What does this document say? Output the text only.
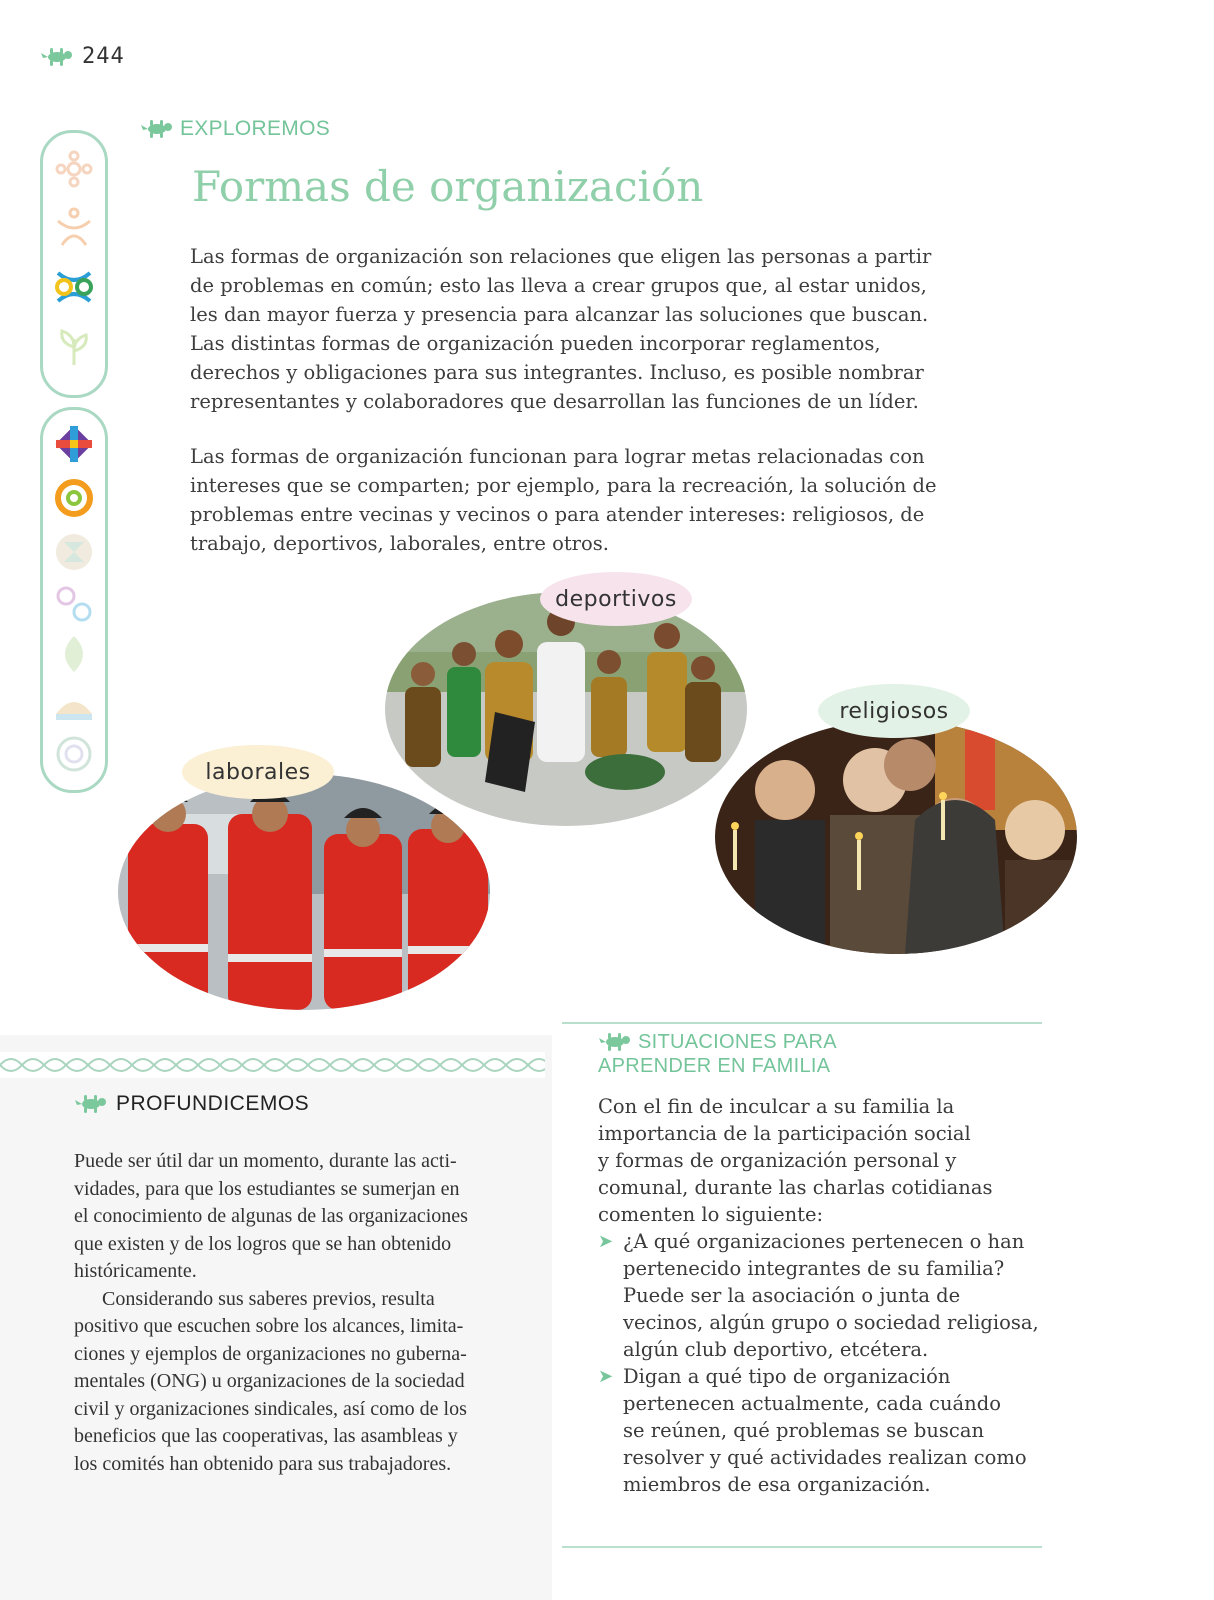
244
EXPLOREMOS
Formas de organización

Las formas de organización son relaciones que eligen las personas a partir

de problemas en común; esto las lleva a crear grupos que, al estar unidos,

les dan mayor fuerza y presencia para alcanzar las soluciones que buscan.

Las distintas formas de organización pueden incorporar reglamentos,

derechos y obligaciones para sus integrantes. Incluso, es posible nombrar

representantes y colaboradores que desarrollan las funciones de un líder.

Las formas de organización funcionan para lograr metas relacionadas con

intereses que se comparten; por ejemplo, para la recreación, la solución de

problemas entre vecinas y vecinos o para atender intereses: religiosos, de

trabajo, deportivos, laborales, entre otros.

deportivos
religiosos
laborales
PROFUNDICEMOS

Puede ser útil dar un momento, durante las acti-

vidades, para que los estudiantes se sumerjan en

el conocimiento de algunas de las organizaciones

que existen y de los logros que se han obtenido

históricamente.

Considerando sus saberes previos, resulta

positivo que escuchen sobre los alcances, limita-

ciones y ejemplos de organizaciones no guberna-

mentales (ONG) u organizaciones de la sociedad

civil y organizaciones sindicales, así como de los

beneficios que las cooperativas, las asambleas y

los comités han obtenido para sus trabajadores.

SITUACIONES PARA
APRENDER EN FAMILIA

Con el fin de inculcar a su familia la

importancia de la participación social

y formas de organización personal y

comunal, durante las charlas cotidianas

comenten lo siguiente:

➤ ¿A qué organizaciones pertenecen o han

pertenecido integrantes de su familia?

Puede ser la asociación o junta de

vecinos, algún grupo o sociedad religiosa,

algún club deportivo, etcétera.

➤ Digan a qué tipo de organización

pertenecen actualmente, cada cuándo

se reúnen, qué problemas se buscan

resolver y qué actividades realizan como

miembros de esa organización.
